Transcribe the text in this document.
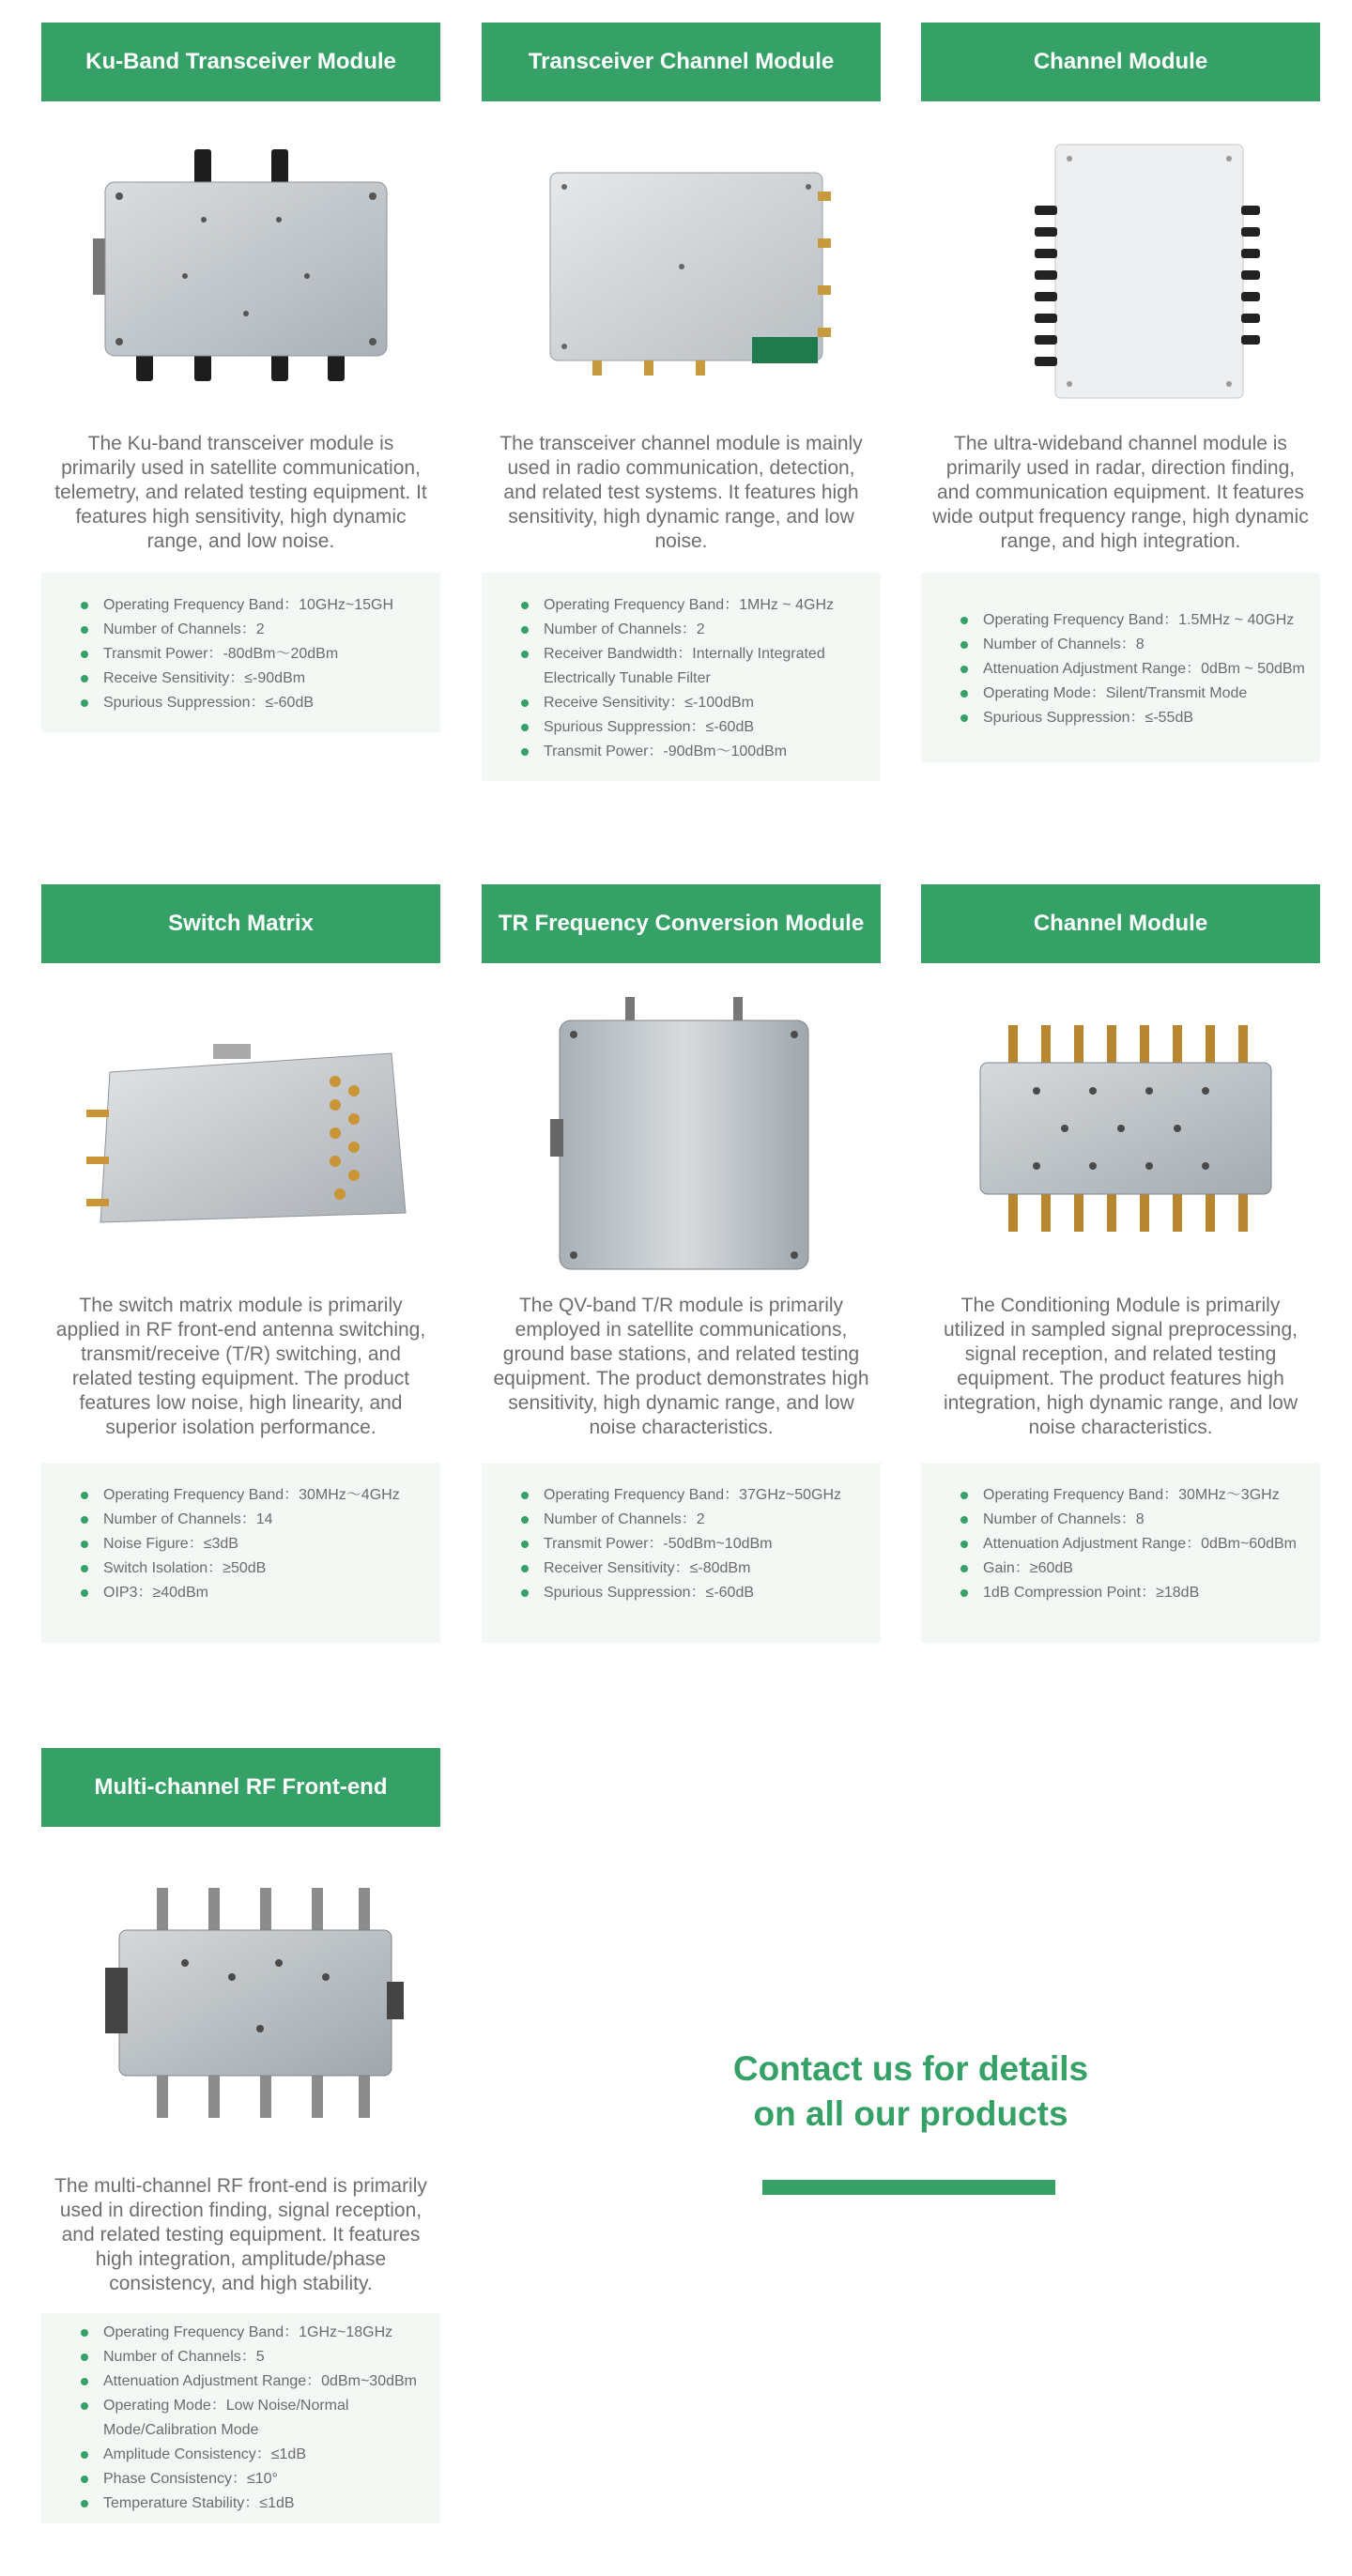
Ku-Band Transceiver Module
The Ku-band transceiver module is primarily used in satellite communication, telemetry, and related testing equipment. It features high sensitivity, high dynamic range, and low noise.
Operating Frequency Band：10GHz~15GH
Number of Channels：2
Transmit Power：-80dBm～20dBm
Receive Sensitivity：≤-90dBm
Spurious Suppression：≤-60dB
Transceiver Channel Module
The transceiver channel module is mainly used in radio communication, detection, and related test systems. It features high sensitivity, high dynamic range, and low noise.
Operating Frequency Band：1MHz ~ 4GHz
Number of Channels：2
Receiver Bandwidth：Internally Integrated Electrically Tunable Filter
Receive Sensitivity：≤-100dBm
Spurious Suppression：≤-60dB
Transmit Power：-90dBm～100dBm
Channel Module
The ultra-wideband channel module is primarily used in radar, direction finding, and communication equipment. It features wide output frequency range, high dynamic range, and high integration.
Operating Frequency Band：1.5MHz ~ 40GHz
Number of Channels：8
Attenuation Adjustment Range：0dBm ~ 50dBm
Operating Mode：Silent/Transmit Mode
Spurious Suppression：≤-55dB
Switch Matrix
The switch matrix module is primarily applied in RF front-end antenna switching, transmit/receive (T/R) switching, and related testing equipment. The product features low noise, high linearity, and superior isolation performance.
Operating Frequency Band：30MHz～4GHz
Number of Channels：14
Noise Figure：≤3dB
Switch Isolation：≥50dB
OIP3：≥40dBm
TR Frequency Conversion Module
The QV-band T/R module is primarily employed in satellite communications, ground base stations, and related testing equipment. The product demonstrates high sensitivity, high dynamic range, and low noise characteristics.
Operating Frequency Band：37GHz~50GHz
Number of Channels：2
Transmit Power：-50dBm~10dBm
Receiver Sensitivity：≤-80dBm
Spurious Suppression：≤-60dB
Channel Module
The Conditioning Module is primarily utilized in sampled signal preprocessing, signal reception, and related testing equipment. The product features high integration, high dynamic range, and low noise characteristics.
Operating Frequency Band：30MHz～3GHz
Number of Channels：8
Attenuation Adjustment Range：0dBm~60dBm
Gain：≥60dB
1dB Compression Point：≥18dB
Multi-channel RF Front-end
The multi-channel RF front-end is primarily used in direction finding, signal reception, and related testing equipment. It features high integration, amplitude/phase consistency, and high stability.
Operating Frequency Band：1GHz~18GHz
Number of Channels：5
Attenuation Adjustment Range：0dBm~30dBm
Operating Mode：Low Noise/Normal Mode/Calibration Mode
Amplitude Consistency：≤1dB
Phase Consistency：≤10°
Temperature Stability：≤1dB
Contact us for details
on all our products
